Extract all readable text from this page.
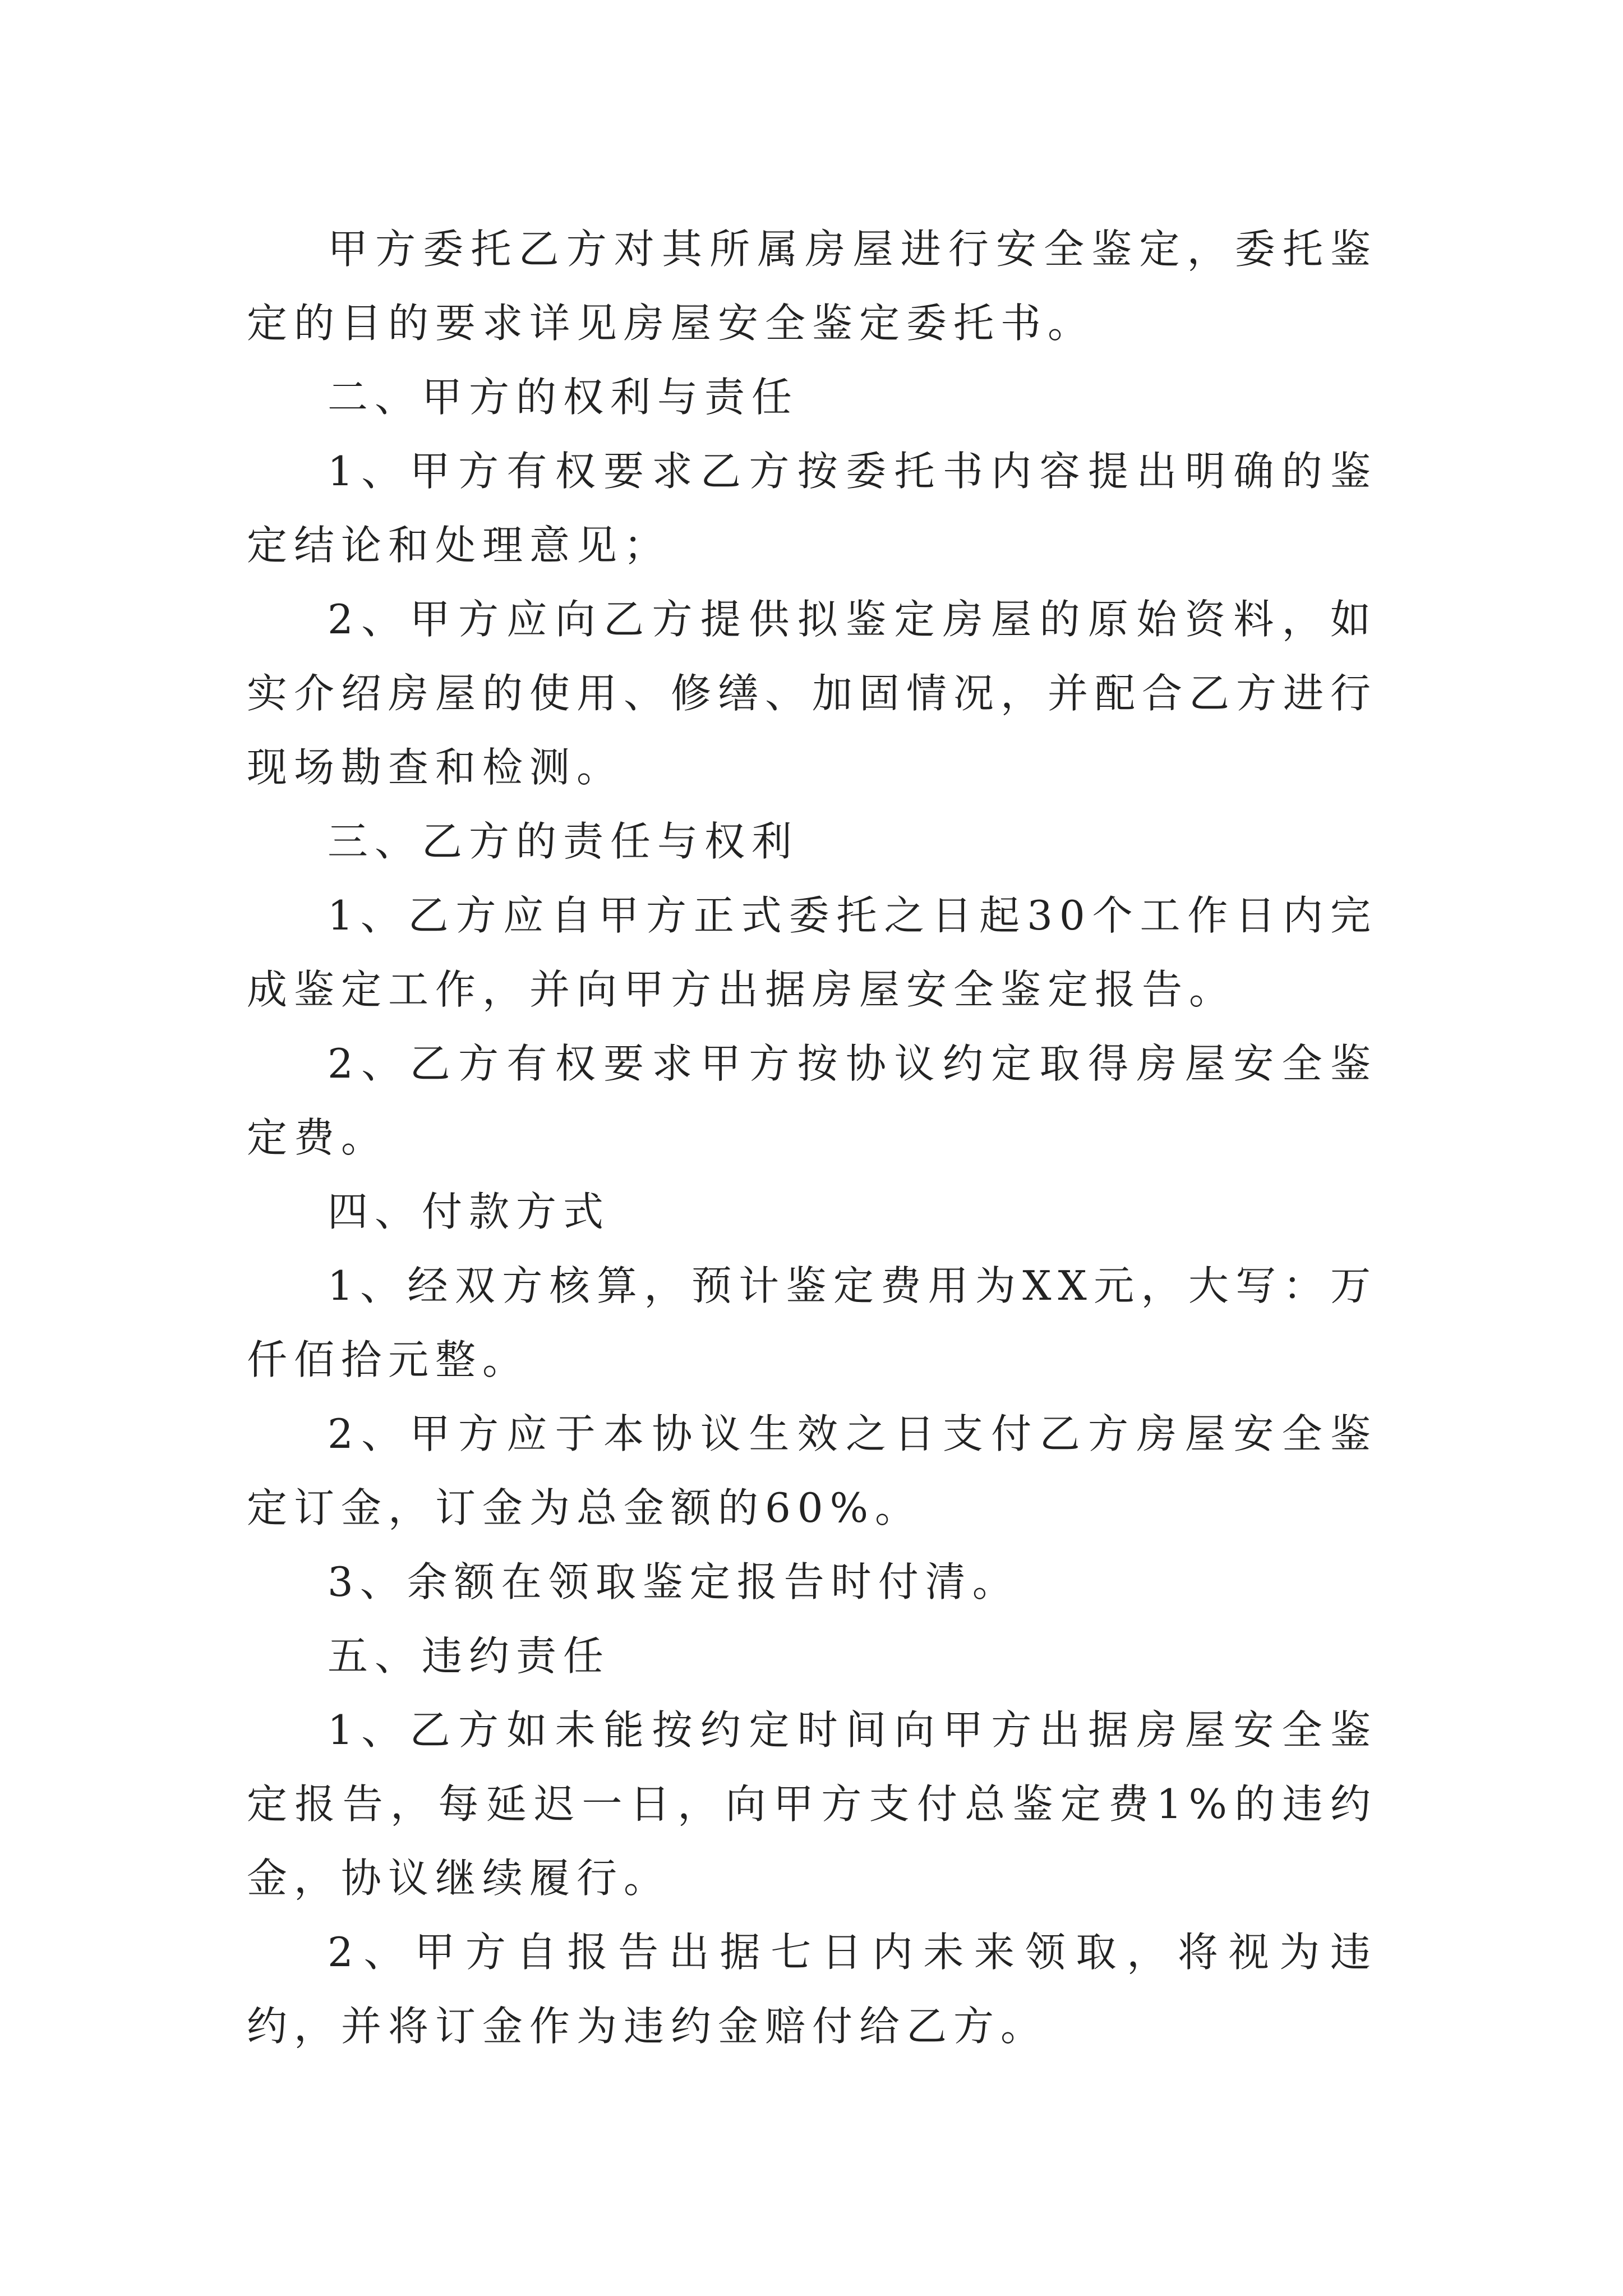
甲方委托乙方对其所属房屋进行安全鉴定，委托鉴定的目的要求详见房屋安全鉴定委托书。

二、甲方的权利与责任

1、甲方有权要求乙方按委托书内容提出明确的鉴定结论和处理意见；

2、甲方应向乙方提供拟鉴定房屋的原始资料，如实介绍房屋的使用、修缮、加固情况，并配合乙方进行现场勘查和检测。

三、乙方的责任与权利

1、乙方应自甲方正式委托之日起30个工作日内完成鉴定工作，并向甲方出据房屋安全鉴定报告。

2、乙方有权要求甲方按协议约定取得房屋安全鉴定费。

四、付款方式

1、经双方核算，预计鉴定费用为XX元，大写：万仟佰拾元整。

2、甲方应于本协议生效之日支付乙方房屋安全鉴定订金，订金为总金额的60%。

3、余额在领取鉴定报告时付清。

五、违约责任

1、乙方如未能按约定时间向甲方出据房屋安全鉴定报告，每延迟一日，向甲方支付总鉴定费1%的违约金，协议继续履行。

2、甲方自报告出据七日内未来领取，将视为违约，并将订金作为违约金赔付给乙方。
